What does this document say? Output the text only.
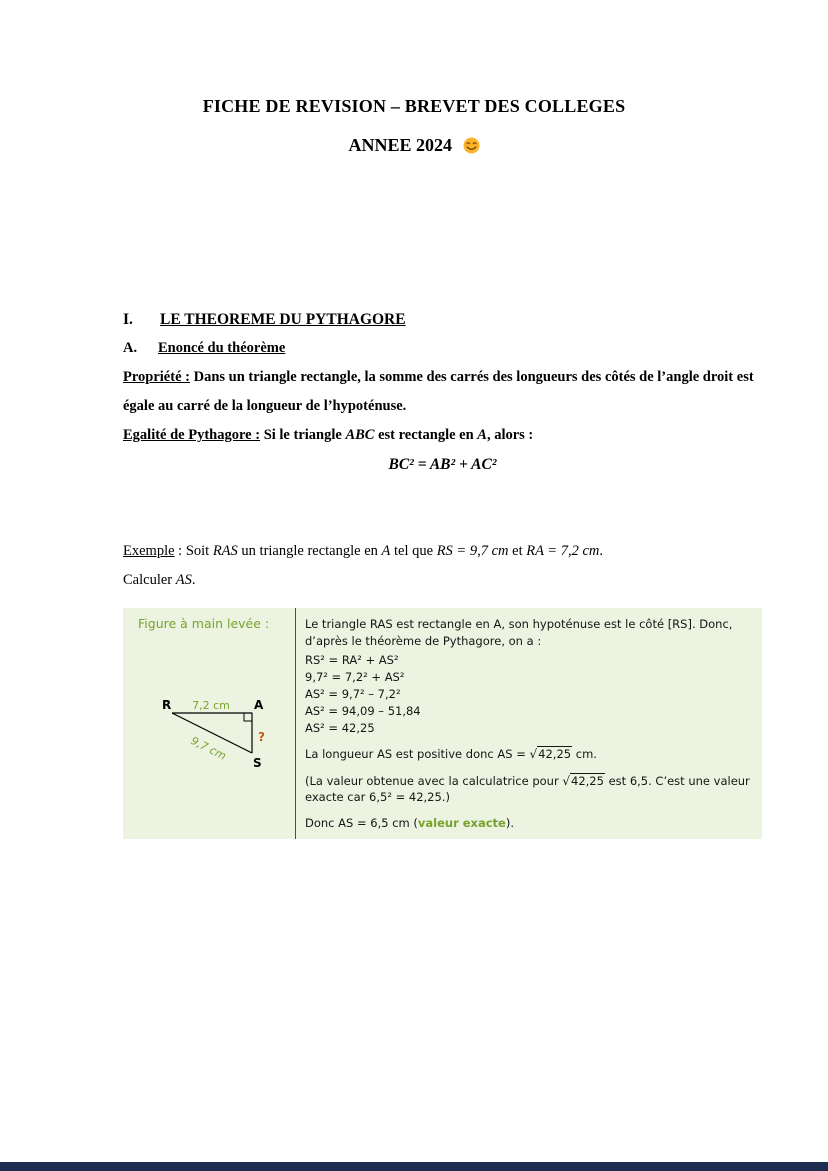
FICHE DE REVISION – BREVET DES COLLEGES
ANNEE 2024
I. LE THEOREME DU PYTHAGORE
A. Enoncé du théorème

Propriété : Dans un triangle rectangle, la somme des carrés des longueurs des côtés de l’angle droit est égale au carré de la longueur de l’hypoténuse.

Egalité de Pythagore : Si le triangle ABC est rectangle en A, alors :

BC² = AB² + AC²

Exemple : Soit RAS un triangle rectangle en A tel que RS = 9,7 cm et RA = 7,2 cm.

Calculer AS.

Figure à main levée :
R	A
S
7,2 cm
9,7 cm ?

Le triangle RAS est rectangle en A, son hypoténuse est le côté [RS]. Donc, d’après le théorème de Pythagore, on a :

RS² = RA² + AS²

9,7² = 7,2² + AS²

AS² = 9,7² – 7,2²

AS² = 94,09 – 51,84

AS² = 42,25

La longueur AS est positive donc AS = √42,25 cm.

(La valeur obtenue avec la calculatrice pour √42,25 est 6,5. C’est une valeur exacte car 6,5² = 42,25.)

Donc AS = 6,5 cm (valeur exacte).
